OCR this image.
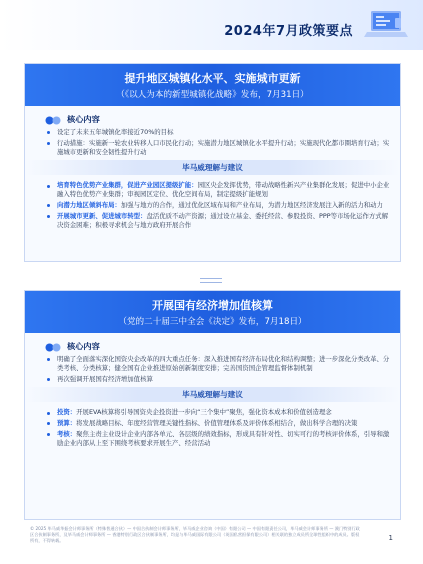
2024年7月政策要点
提升地区城镇化水平、实施城市更新
（《以人为本的新型城镇化战略》发布，7月31日）
核心内容
设定了未来五年城镇化率接近70%的目标
行动措施：实施新一轮农业转移人口市民化行动；实施潜力地区城镇化水平提升行动；实施现代化都市圈培育行动；实施城市更新和安全韧性提升行动
毕马威理解与建议
培育特色优势产业集群，促进产业园区提级扩能：园区央企发挥优势，带动战略性新兴产业集群化发展；促进中小企业融入特色优势产业集群；审视园区定位、优化空间布局，制定提级扩能规划
向潜力地区倾斜布局：加强与地方的合作，通过优化区域布局和产业布局，为潜力地区经济发展注入新的活力和动力
开展城市更新、促进城市转型：盘活优质不动产资源；通过设立基金、委托经营、参股投资、PPP等市场化运作方式解决资金困难；积极寻求机会与地方政府开展合作
开展国有经济增加值核算
（党的二十届三中全会《决定》发布，7月18日）
核心内容
明确了全面落实深化国资央企改革的四大重点任务：深入推进国有经济布局优化和结构调整；进一步深化分类改革、分类考核、分类核算；健全国有企业推进原始创新制度安排；完善国资国企管理监督体制机制
再次强调开展国有经济增加值核算
毕马威理解与建议
投资：开展EVA核算将引导国资央企投资进一步向“三个集中”聚焦，强化资本成本和价值创造理念
预算：将发展战略目标、年度经营管理关键性指标、价值管理体系及评价体系相结合，做出科学合理的决策
考核：聚焦主责主业设计企业内部各单元、各层级的绩效指标，形成具有针对性、切实可行的考核评价体系，引导和激励企业内部从上至下围绕考核要求开展生产、经营活动
© 2025 毕马威华振会计师事务所（特殊普通合伙）— 中国合伙制会计师事务所，毕马威企业咨询（中国）有限公司 — 中国有限责任公司，毕马威会计师事务所 — 澳门特别行政区合伙制事务所，及毕马威会计师事务所 — 香港特别行政区合伙制事务所，均是与毕马威国际有限公司（英国私营担保有限公司）相关联的独立成员所全球性组织中的成员。版权所有，不得转载。	1
